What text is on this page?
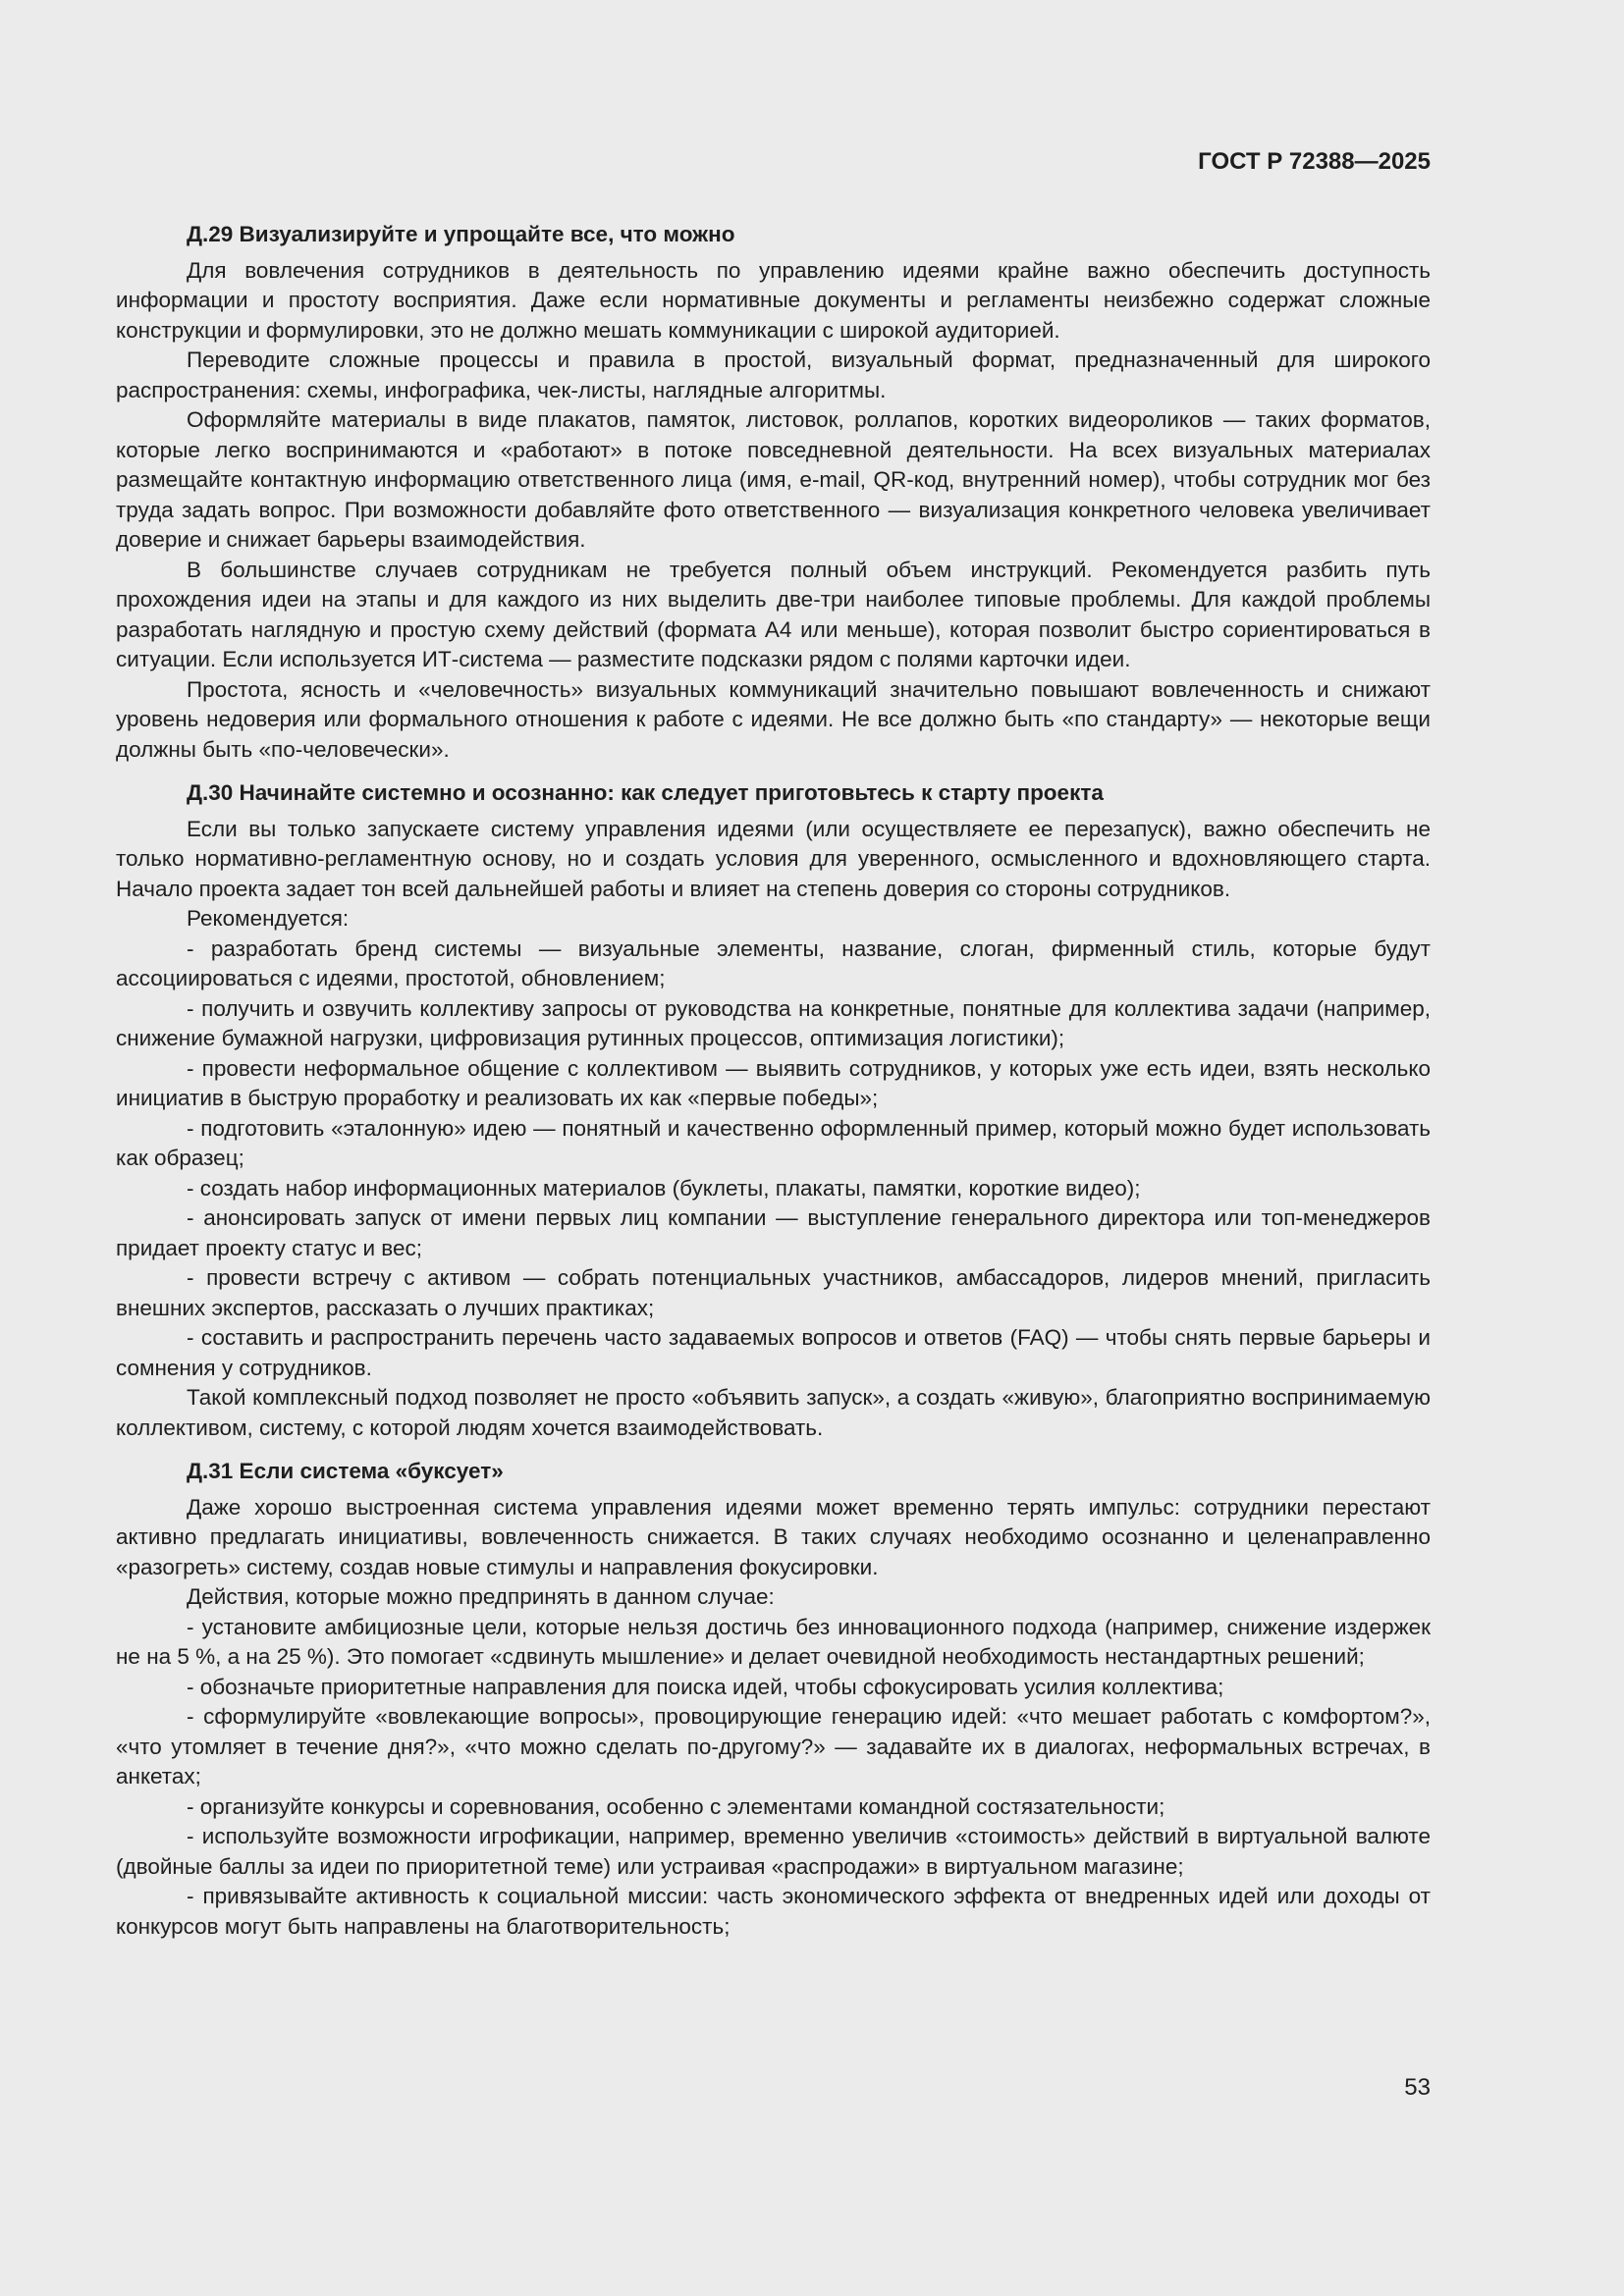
ГОСТ Р 72388—2025

Д.29 Визуализируйте и упрощайте все, что можно

Для вовлечения сотрудников в деятельность по управлению идеями крайне важно обеспечить доступность информации и простоту восприятия. Даже если нормативные документы и регламенты неизбежно содержат сложные конструкции и формулировки, это не должно мешать коммуникации с широкой аудиторией.

Переводите сложные процессы и правила в простой, визуальный формат, предназначенный для широкого распространения: схемы, инфографика, чек-листы, наглядные алгоритмы.

Оформляйте материалы в виде плакатов, памяток, листовок, роллапов, коротких видеороликов — таких форматов, которые легко воспринимаются и «работают» в потоке повседневной деятельности. На всех визуальных материалах размещайте контактную информацию ответственного лица (имя, e-mail, QR-код, внутренний номер), чтобы сотрудник мог без труда задать вопрос. При возможности добавляйте фото ответственного — визуализация конкретного человека увеличивает доверие и снижает барьеры взаимодействия.

В большинстве случаев сотрудникам не требуется полный объем инструкций. Рекомендуется разбить путь прохождения идеи на этапы и для каждого из них выделить две-три наиболее типовые проблемы. Для каждой проблемы разработать наглядную и простую схему действий (формата А4 или меньше), которая позволит быстро сориентироваться в ситуации. Если используется ИТ-система — разместите подсказки рядом с полями карточки идеи.

Простота, ясность и «человечность» визуальных коммуникаций значительно повышают вовлеченность и снижают уровень недоверия или формального отношения к работе с идеями. Не все должно быть «по стандарту» — некоторые вещи должны быть «по-человечески».

Д.30 Начинайте системно и осознанно: как следует приготовьтесь к старту проекта

Если вы только запускаете систему управления идеями (или осуществляете ее перезапуск), важно обеспечить не только нормативно-регламентную основу, но и создать условия для уверенного, осмысленного и вдохновляющего старта. Начало проекта задает тон всей дальнейшей работы и влияет на степень доверия со стороны сотрудников.

Рекомендуется:

- разработать бренд системы — визуальные элементы, название, слоган, фирменный стиль, которые будут ассоциироваться с идеями, простотой, обновлением;

- получить и озвучить коллективу запросы от руководства на конкретные, понятные для коллектива задачи (например, снижение бумажной нагрузки, цифровизация рутинных процессов, оптимизация логистики);

- провести неформальное общение с коллективом — выявить сотрудников, у которых уже есть идеи, взять несколько инициатив в быструю проработку и реализовать их как «первые победы»;

- подготовить «эталонную» идею — понятный и качественно оформленный пример, который можно будет использовать как образец;

- создать набор информационных материалов (буклеты, плакаты, памятки, короткие видео);

- анонсировать запуск от имени первых лиц компании — выступление генерального директора или топ-менеджеров придает проекту статус и вес;

- провести встречу с активом — собрать потенциальных участников, амбассадоров, лидеров мнений, пригласить внешних экспертов, рассказать о лучших практиках;

- составить и распространить перечень часто задаваемых вопросов и ответов (FAQ) — чтобы снять первые барьеры и сомнения у сотрудников.

Такой комплексный подход позволяет не просто «объявить запуск», а создать «живую», благоприятно воспринимаемую коллективом, систему, с которой людям хочется взаимодействовать.

Д.31 Если система «буксует»

Даже хорошо выстроенная система управления идеями может временно терять импульс: сотрудники перестают активно предлагать инициативы, вовлеченность снижается. В таких случаях необходимо осознанно и целенаправленно «разогреть» систему, создав новые стимулы и направления фокусировки.

Действия, которые можно предпринять в данном случае:

- установите амбициозные цели, которые нельзя достичь без инновационного подхода (например, снижение издержек не на 5 %, а на 25 %). Это помогает «сдвинуть мышление» и делает очевидной необходимость нестандартных решений;

- обозначьте приоритетные направления для поиска идей, чтобы сфокусировать усилия коллектива;

- сформулируйте «вовлекающие вопросы», провоцирующие генерацию идей: «что мешает работать с комфортом?», «что утомляет в течение дня?», «что можно сделать по-другому?» — задавайте их в диалогах, неформальных встречах, в анкетах;

- организуйте конкурсы и соревнования, особенно с элементами командной состязательности;

- используйте возможности игрофикации, например, временно увеличив «стоимость» действий в виртуальной валюте (двойные баллы за идеи по приоритетной теме) или устраивая «распродажи» в виртуальном магазине;

- привязывайте активность к социальной миссии: часть экономического эффекта от внедренных идей или доходы от конкурсов могут быть направлены на благотворительность;

53
